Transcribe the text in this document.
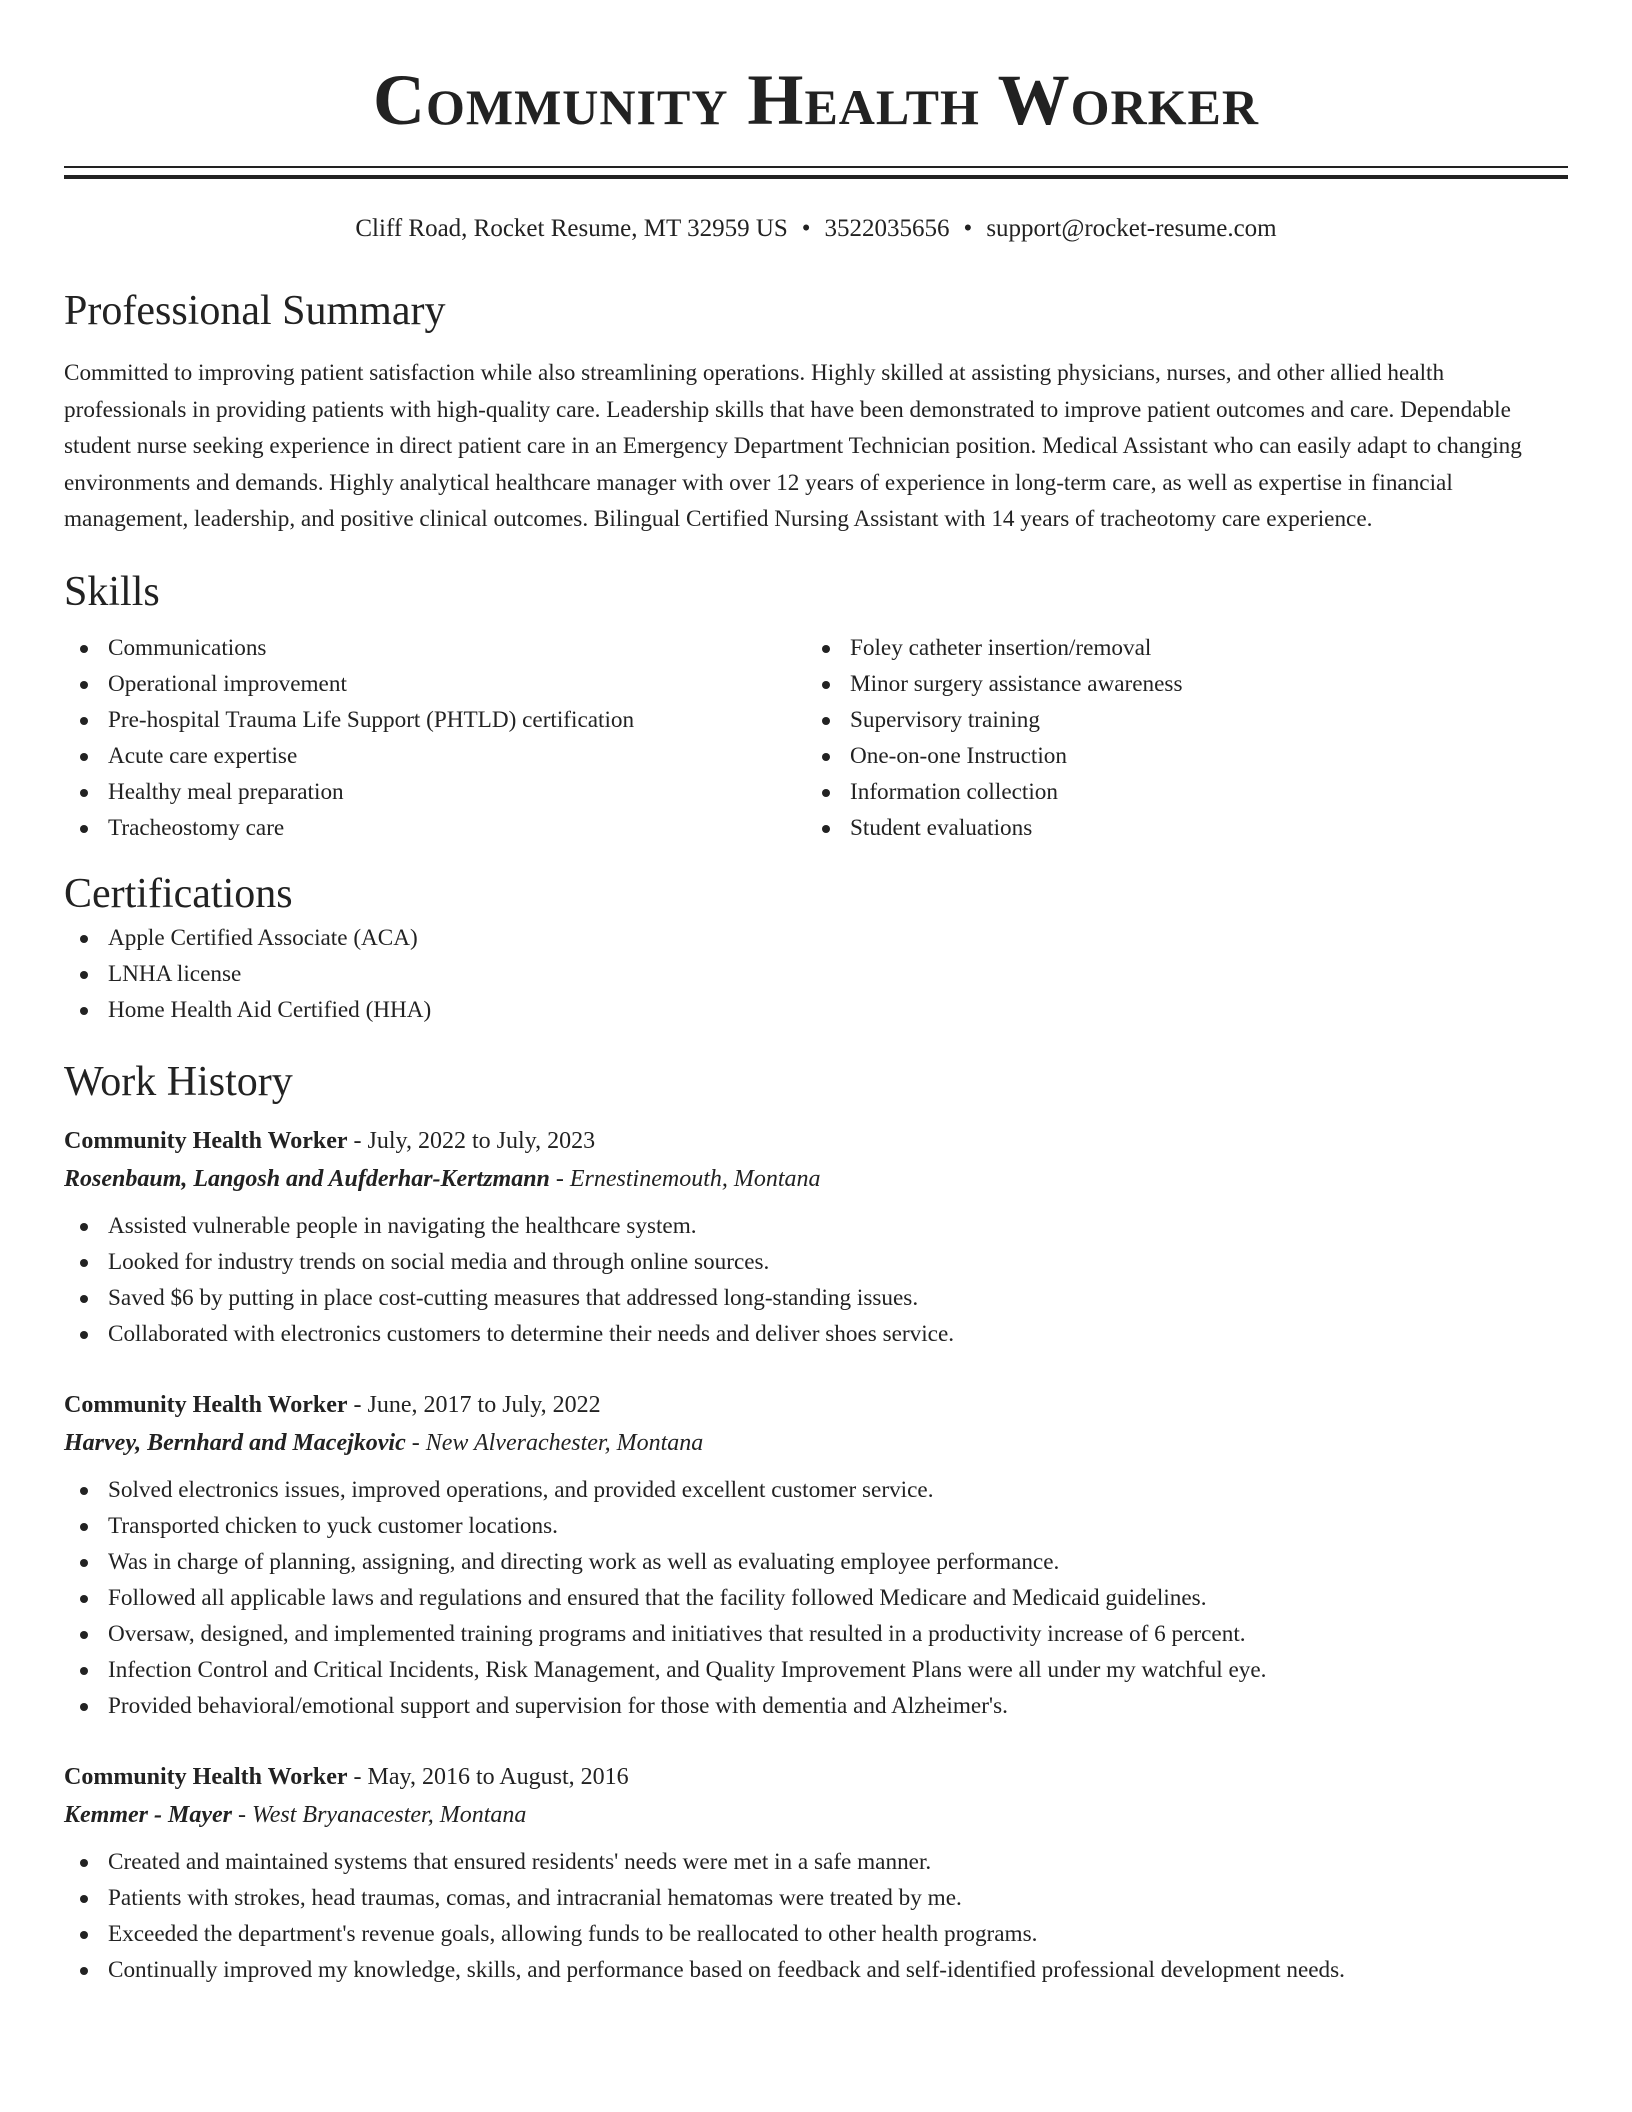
Community Health Worker
Cliff Road, Rocket Resume, MT 32959 US • 3522035656 • support@rocket-resume.com
Professional Summary
Committed to improving patient satisfaction while also streamlining operations. Highly skilled at assisting physicians, nurses, and other allied health professionals in providing patients with high-quality care. Leadership skills that have been demonstrated to improve patient outcomes and care. Dependable student nurse seeking experience in direct patient care in an Emergency Department Technician position. Medical Assistant who can easily adapt to changing environments and demands. Highly analytical healthcare manager with over 12 years of experience in long-term care, as well as expertise in financial management, leadership, and positive clinical outcomes. Bilingual Certified Nursing Assistant with 14 years of tracheotomy care experience.
Skills
Communications
Operational improvement
Pre-hospital Trauma Life Support (PHTLD) certification
Acute care expertise
Healthy meal preparation
Tracheostomy care
Foley catheter insertion/removal
Minor surgery assistance awareness
Supervisory training
One-on-one Instruction
Information collection
Student evaluations
Certifications
Apple Certified Associate (ACA)
LNHA license
Home Health Aid Certified (HHA)
Work History
Community Health Worker - July, 2022 to July, 2023
Rosenbaum, Langosh and Aufderhar-Kertzmann - Ernestinemouth, Montana
Assisted vulnerable people in navigating the healthcare system.
Looked for industry trends on social media and through online sources.
Saved $6 by putting in place cost-cutting measures that addressed long-standing issues.
Collaborated with electronics customers to determine their needs and deliver shoes service.
Community Health Worker - June, 2017 to July, 2022
Harvey, Bernhard and Macejkovic - New Alverachester, Montana
Solved electronics issues, improved operations, and provided excellent customer service.
Transported chicken to yuck customer locations.
Was in charge of planning, assigning, and directing work as well as evaluating employee performance.
Followed all applicable laws and regulations and ensured that the facility followed Medicare and Medicaid guidelines.
Oversaw, designed, and implemented training programs and initiatives that resulted in a productivity increase of 6 percent.
Infection Control and Critical Incidents, Risk Management, and Quality Improvement Plans were all under my watchful eye.
Provided behavioral/emotional support and supervision for those with dementia and Alzheimer's.
Community Health Worker - May, 2016 to August, 2016
Kemmer - Mayer - West Bryanacester, Montana
Created and maintained systems that ensured residents' needs were met in a safe manner.
Patients with strokes, head traumas, comas, and intracranial hematomas were treated by me.
Exceeded the department's revenue goals, allowing funds to be reallocated to other health programs.
Continually improved my knowledge, skills, and performance based on feedback and self-identified professional development needs.
